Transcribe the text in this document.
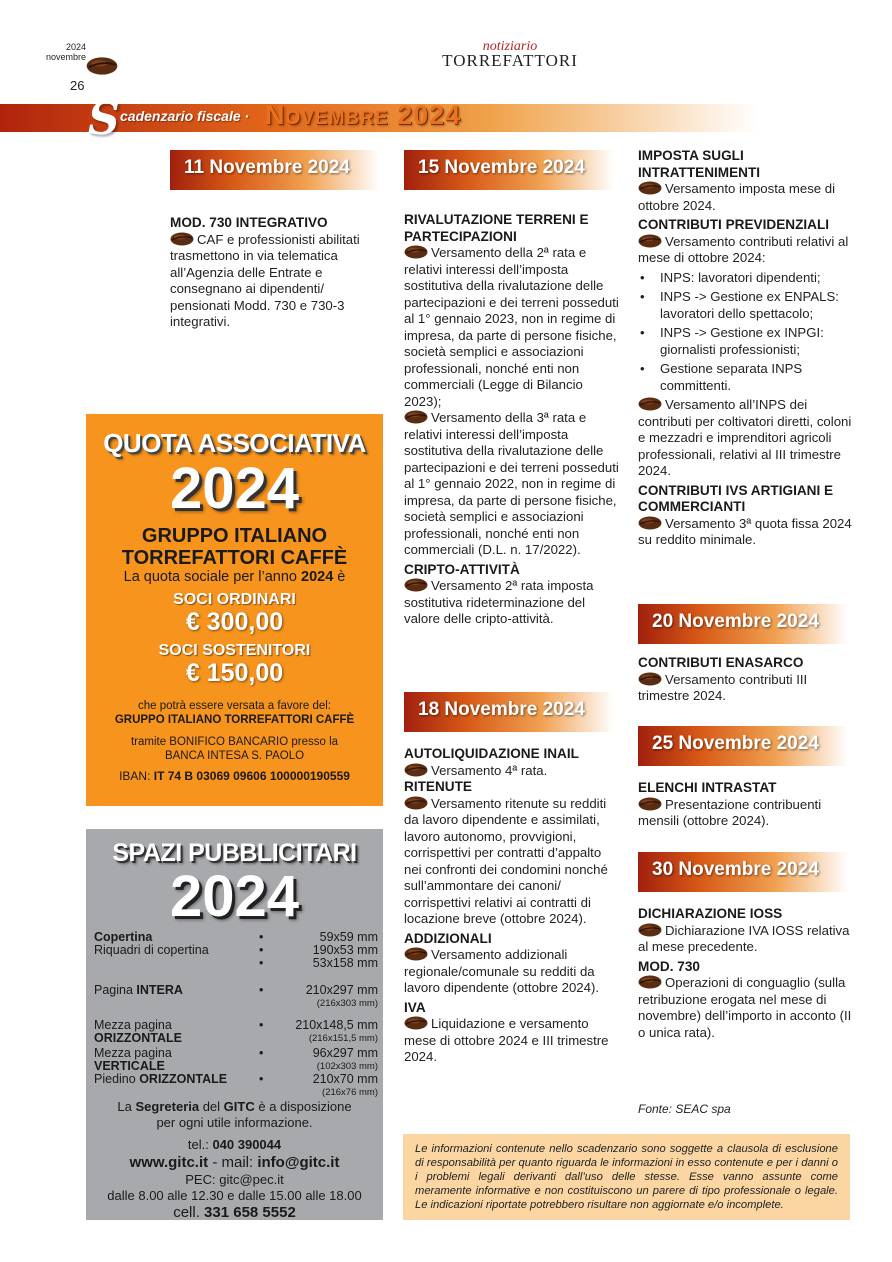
2024
novembre
26
notiziario
TORREFATTORI
S cadenzario fiscale · Novembre 2024
11 Novembre 2024
MOD. 730 INTEGRATIVO
CAF e professionisti abilitati trasmettono in via telematica all’Agenzia delle Entrate e consegnano ai dipendenti/ pensionati Modd. 730 e 730-3 integrativi.
QUOTA ASSOCIATIVA
2024
GRUPPO ITALIANO
TORREFATTORI CAFFÈ
La quota sociale per l’anno 2024 è
SOCI ORDINARI
€ 300,00
SOCI SOSTENITORI
€ 150,00
che potrà essere versata a favore del:
GRUPPO ITALIANO TORREFATTORI CAFFÈ
tramite BONIFICO BANCARIO presso la
BANCA INTESA S. PAOLO
IBAN: IT 74 B 03069 09606 100000190559
SPAZI PUBBLICITARI
2024
Copertina	•	59x59 mm
Riquadri di copertina	•	190x53 mm
	•	53x158 mm
Pagina INTERA	•	210x297 mm
(216x303 mm)

Mezza pagina
ORIZZONTALE	•	210x148,5 mm
(216x151,5 mm)

Mezza pagina
VERTICALE	•	96x297 mm
(102x303 mm)

Piedino ORIZZONTALE	•	210x70 mm
(216x76 mm)
La Segreteria del GITC è a disposizione
per ogni utile informazione.
tel.: 040 390044
www.gitc.it - mail: info@gitc.it
PEC: gitc@pec.it
dalle 8.00 alle 12.30 e dalle 15.00 alle 18.00
cell. 331 658 5552
15 Novembre 2024
RIVALUTAZIONE TERRENI E PARTECIPAZIONI
Versamento della 2ª rata e relativi interessi dell’imposta sostitutiva della rivalutazione delle partecipazioni e dei terreni posseduti al 1° gennaio 2023, non in regime di impresa, da parte di persone fisiche, società semplici e associazioni professionali, nonché enti non commerciali (Legge di Bilancio 2023);
Versamento della 3ª rata e relativi interessi dell’imposta sostitutiva della rivalutazione delle partecipazioni e dei terreni posseduti al 1° gennaio 2022, non in regime di impresa, da parte di persone fisiche, società semplici e associazioni professionali, nonché enti non commerciali (D.L. n. 17/2022).
CRIPTO-ATTIVITÀ
Versamento 2ª rata imposta sostitutiva rideterminazione del valore delle cripto-attività.
18 Novembre 2024
AUTOLIQUIDAZIONE INAIL
Versamento 4ª rata.
RITENUTE
Versamento ritenute su redditi da lavoro dipendente e assimilati, lavoro autonomo, provvigioni, corrispettivi per contratti d’appalto nei confronti dei condomini nonché sull’ammontare dei canoni/ corrispettivi relativi ai contratti di locazione breve (ottobre 2024).
ADDIZIONALI
Versamento addizionali regionale/comunale su redditi da lavoro dipendente (ottobre 2024).
IVA
Liquidazione e versamento mese di ottobre 2024 e III trimestre 2024.
IMPOSTA SUGLI INTRATTENIMENTI
Versamento imposta mese di ottobre 2024.
CONTRIBUTI PREVIDENZIALI
Versamento contributi relativi al mese di ottobre 2024:
• INPS: lavoratori dipendenti;
• INPS -> Gestione ex ENPALS: lavoratori dello spettacolo;
• INPS -> Gestione ex INPGI: giornalisti professionisti;
• Gestione separata INPS committenti.
Versamento all’INPS dei contributi per coltivatori diretti, coloni e mezzadri e imprenditori agricoli professionali, relativi al III trimestre 2024.
CONTRIBUTI IVS ARTIGIANI E COMMERCIANTI
Versamento 3ª quota fissa 2024 su reddito minimale.
20 Novembre 2024
CONTRIBUTI ENASARCO
Versamento contributi III trimestre 2024.
25 Novembre 2024
ELENCHI INTRASTAT
Presentazione contribuenti mensili (ottobre 2024).
30 Novembre 2024
DICHIARAZIONE IOSS
Dichiarazione IVA IOSS relativa al mese precedente.
MOD. 730
Operazioni di conguaglio (sulla retribuzione erogata nel mese di novembre) dell’importo in acconto (II o unica rata).
Fonte: SEAC spa
Le informazioni contenute nello scadenzario sono soggette a clausola di esclusione di responsabilità per quanto riguarda le informazioni in esso contenute e per i danni o i problemi legali derivanti dall’uso delle stesse. Esse vanno assunte come meramente informative e non costituiscono un parere di tipo professionale o legale. Le indicazioni riportate potrebbero risultare non aggiornate e/o incomplete.
